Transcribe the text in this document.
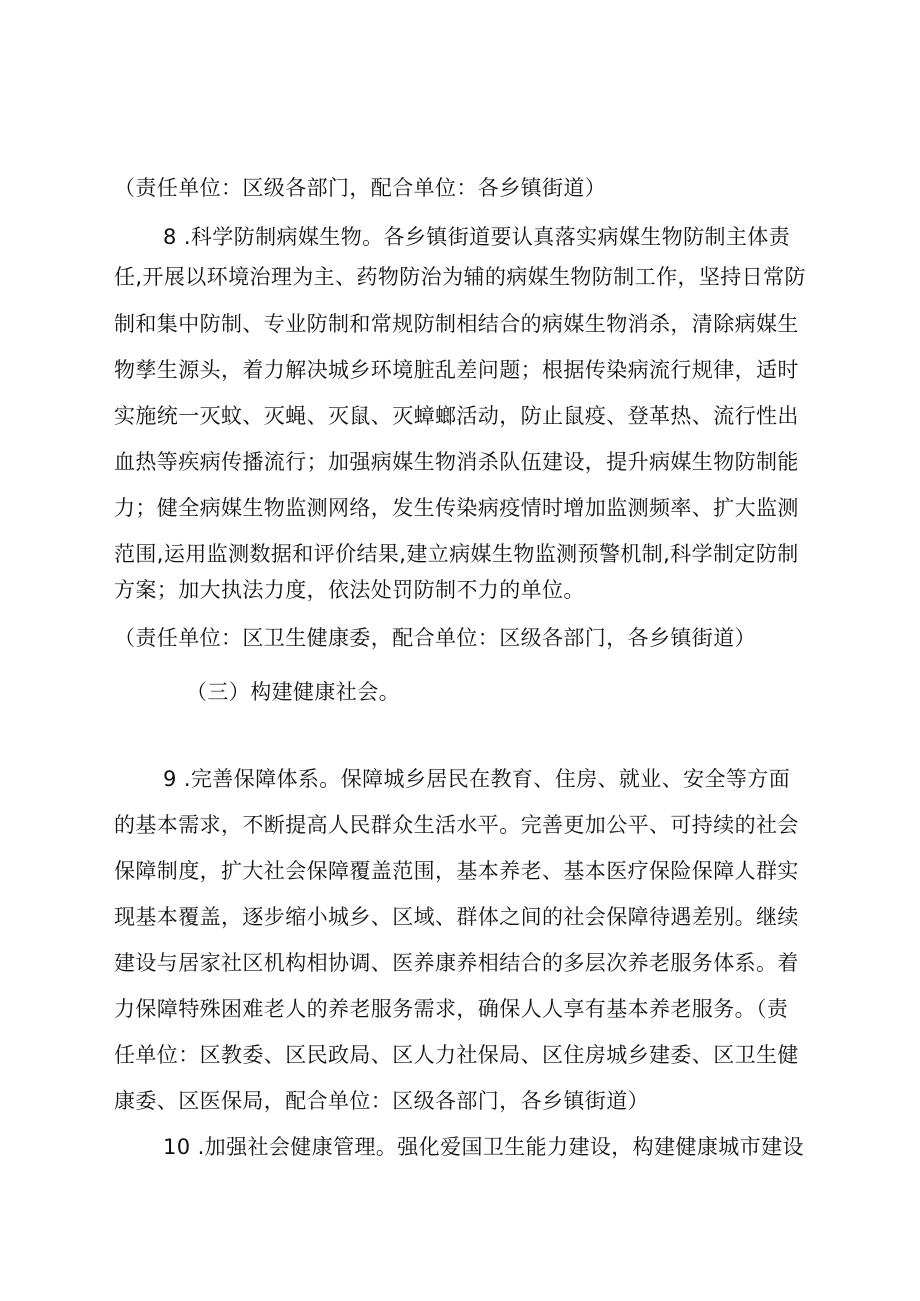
（责任单位：区级各部门，配合单位：各乡镇街道）
8 .科学防制病媒生物。各乡镇街道要认真落实病媒生物防制主体责
任,开展以环境治理为主、药物防治为辅的病媒生物防制工作，坚持日常防
制和集中防制、专业防制和常规防制相结合的病媒生物消杀，清除病媒生
物孳生源头，着力解决城乡环境脏乱差问题；根据传染病流行规律，适时
实施统一灭蚊、灭蝇、灭鼠、灭蟑螂活动，防止鼠疫、登革热、流行性出
血热等疾病传播流行；加强病媒生物消杀队伍建设，提升病媒生物防制能
力；健全病媒生物监测网络，发生传染病疫情时增加监测频率、扩大监测
范围,运用监测数据和评价结果,建立病媒生物监测预警机制,科学制定防制
方案；加大执法力度，依法处罚防制不力的单位。
（责任单位：区卫生健康委，配合单位：区级各部门，各乡镇街道）
（三）构建健康社会。
9 .完善保障体系。保障城乡居民在教育、住房、就业、安全等方面
的基本需求，不断提高人民群众生活水平。完善更加公平、可持续的社会
保障制度，扩大社会保障覆盖范围，基本养老、基本医疗保险保障人群实
现基本覆盖，逐步缩小城乡、区域、群体之间的社会保障待遇差别。继续
建设与居家社区机构相协调、医养康养相结合的多层次养老服务体系。着
力保障特殊困难老人的养老服务需求，确保人人享有基本养老服务。（责
任单位：区教委、区民政局、区人力社保局、区住房城乡建委、区卫生健
康委、区医保局，配合单位：区级各部门，各乡镇街道）
10 .加强社会健康管理。强化爱国卫生能力建设，构建健康城市建设
